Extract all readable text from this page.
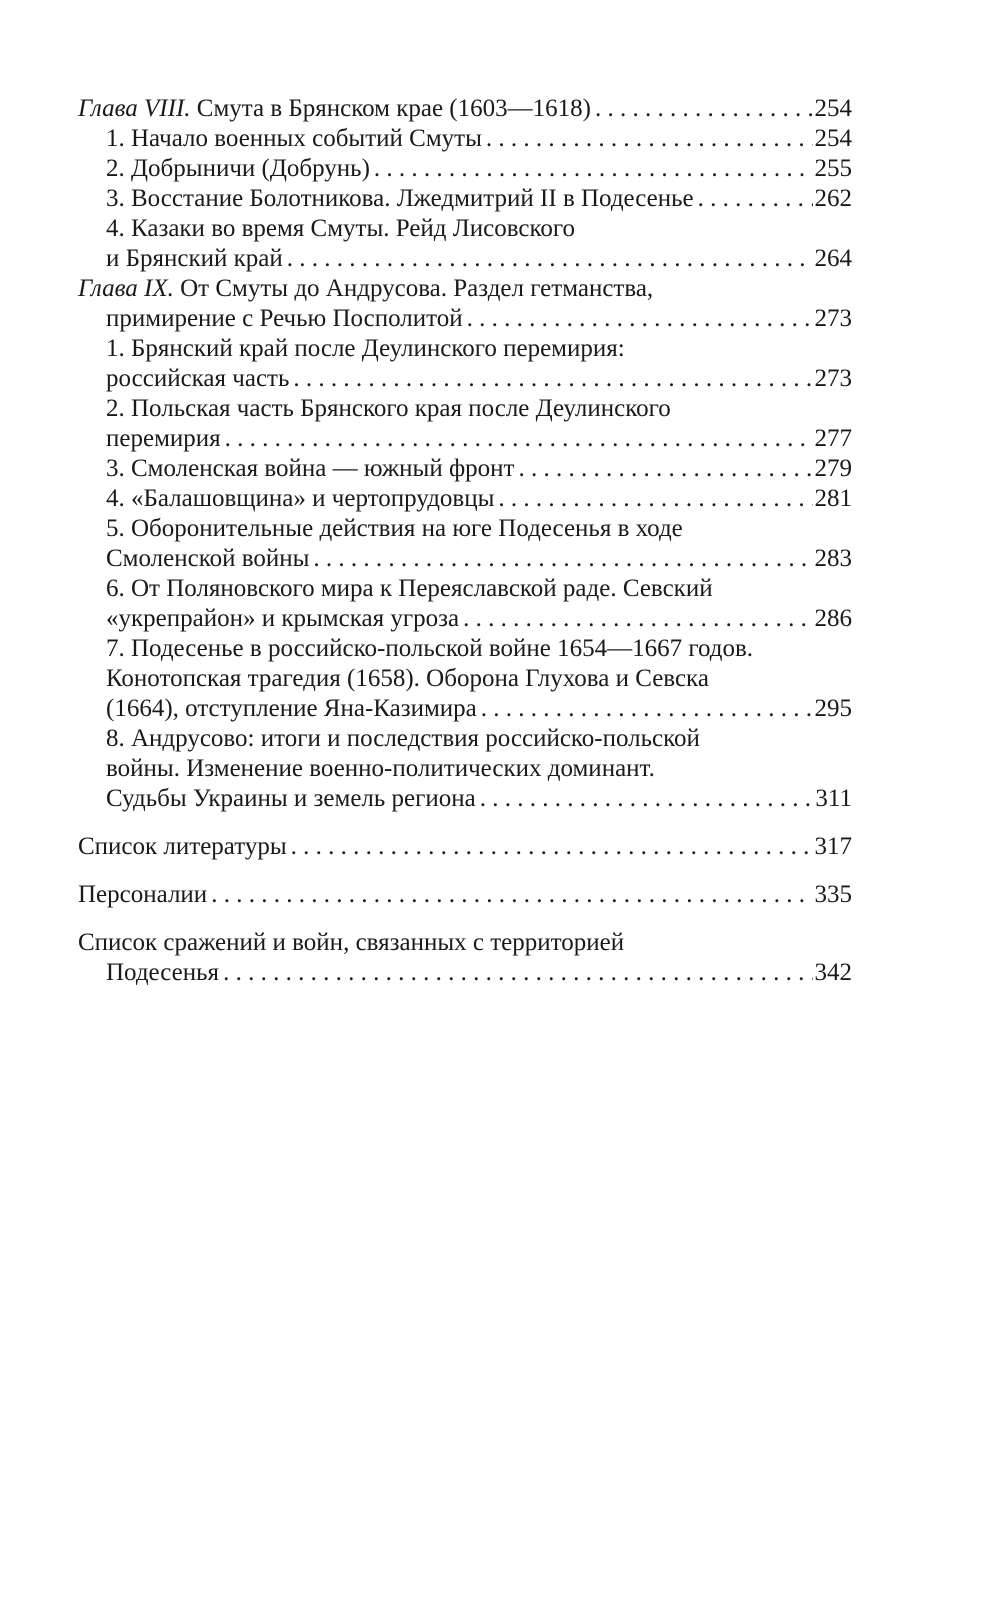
Глава VIII.
Смута в Брянском крае (1603—1618) . . .	254
1. Начало военных событий Смуты . . .	254
2. Добрыничи (Добрунь) . . .	255
3. Восстание Болотникова. Лжедмитрий II в Подесенье . . .	262
4. Казаки во время Смуты. Рейд Лисовского
и Брянский край . . .	264
Глава IX.
От Смуты до Андрусова. Раздел гетманства,
примирение с Речью Посполитой . . .	273
1. Брянский край после Деулинского перемирия:
российская часть . . .	273
2. Польская часть Брянского края после Деулинского
перемирия . . .	277
3. Смоленская война — южный фронт . . .	279
4. «Балашовщина» и чертопрудовцы . . .	281
5. Оборонительные действия на юге Подесенья в ходе
Смоленской войны . . .	283
6. От Поляновского мира к Переяславской раде. Севский
«укрепрайон» и крымская угроза . . .	286
7. Подесенье в российско-польской войне 1654—1667 годов.
Конотопская трагедия (1658). Оборона Глухова и Севска
(1664), отступление Яна-Казимира . . .	295
8. Андрусово: итоги и последствия российско-польской
войны. Изменение военно-политических доминант.
Судьбы Украины и земель региона . . .	311
Список литературы . . .	317
Персоналии . . .	335
Список сражений и войн, связанных с территорией
Подесенья . . .	342
